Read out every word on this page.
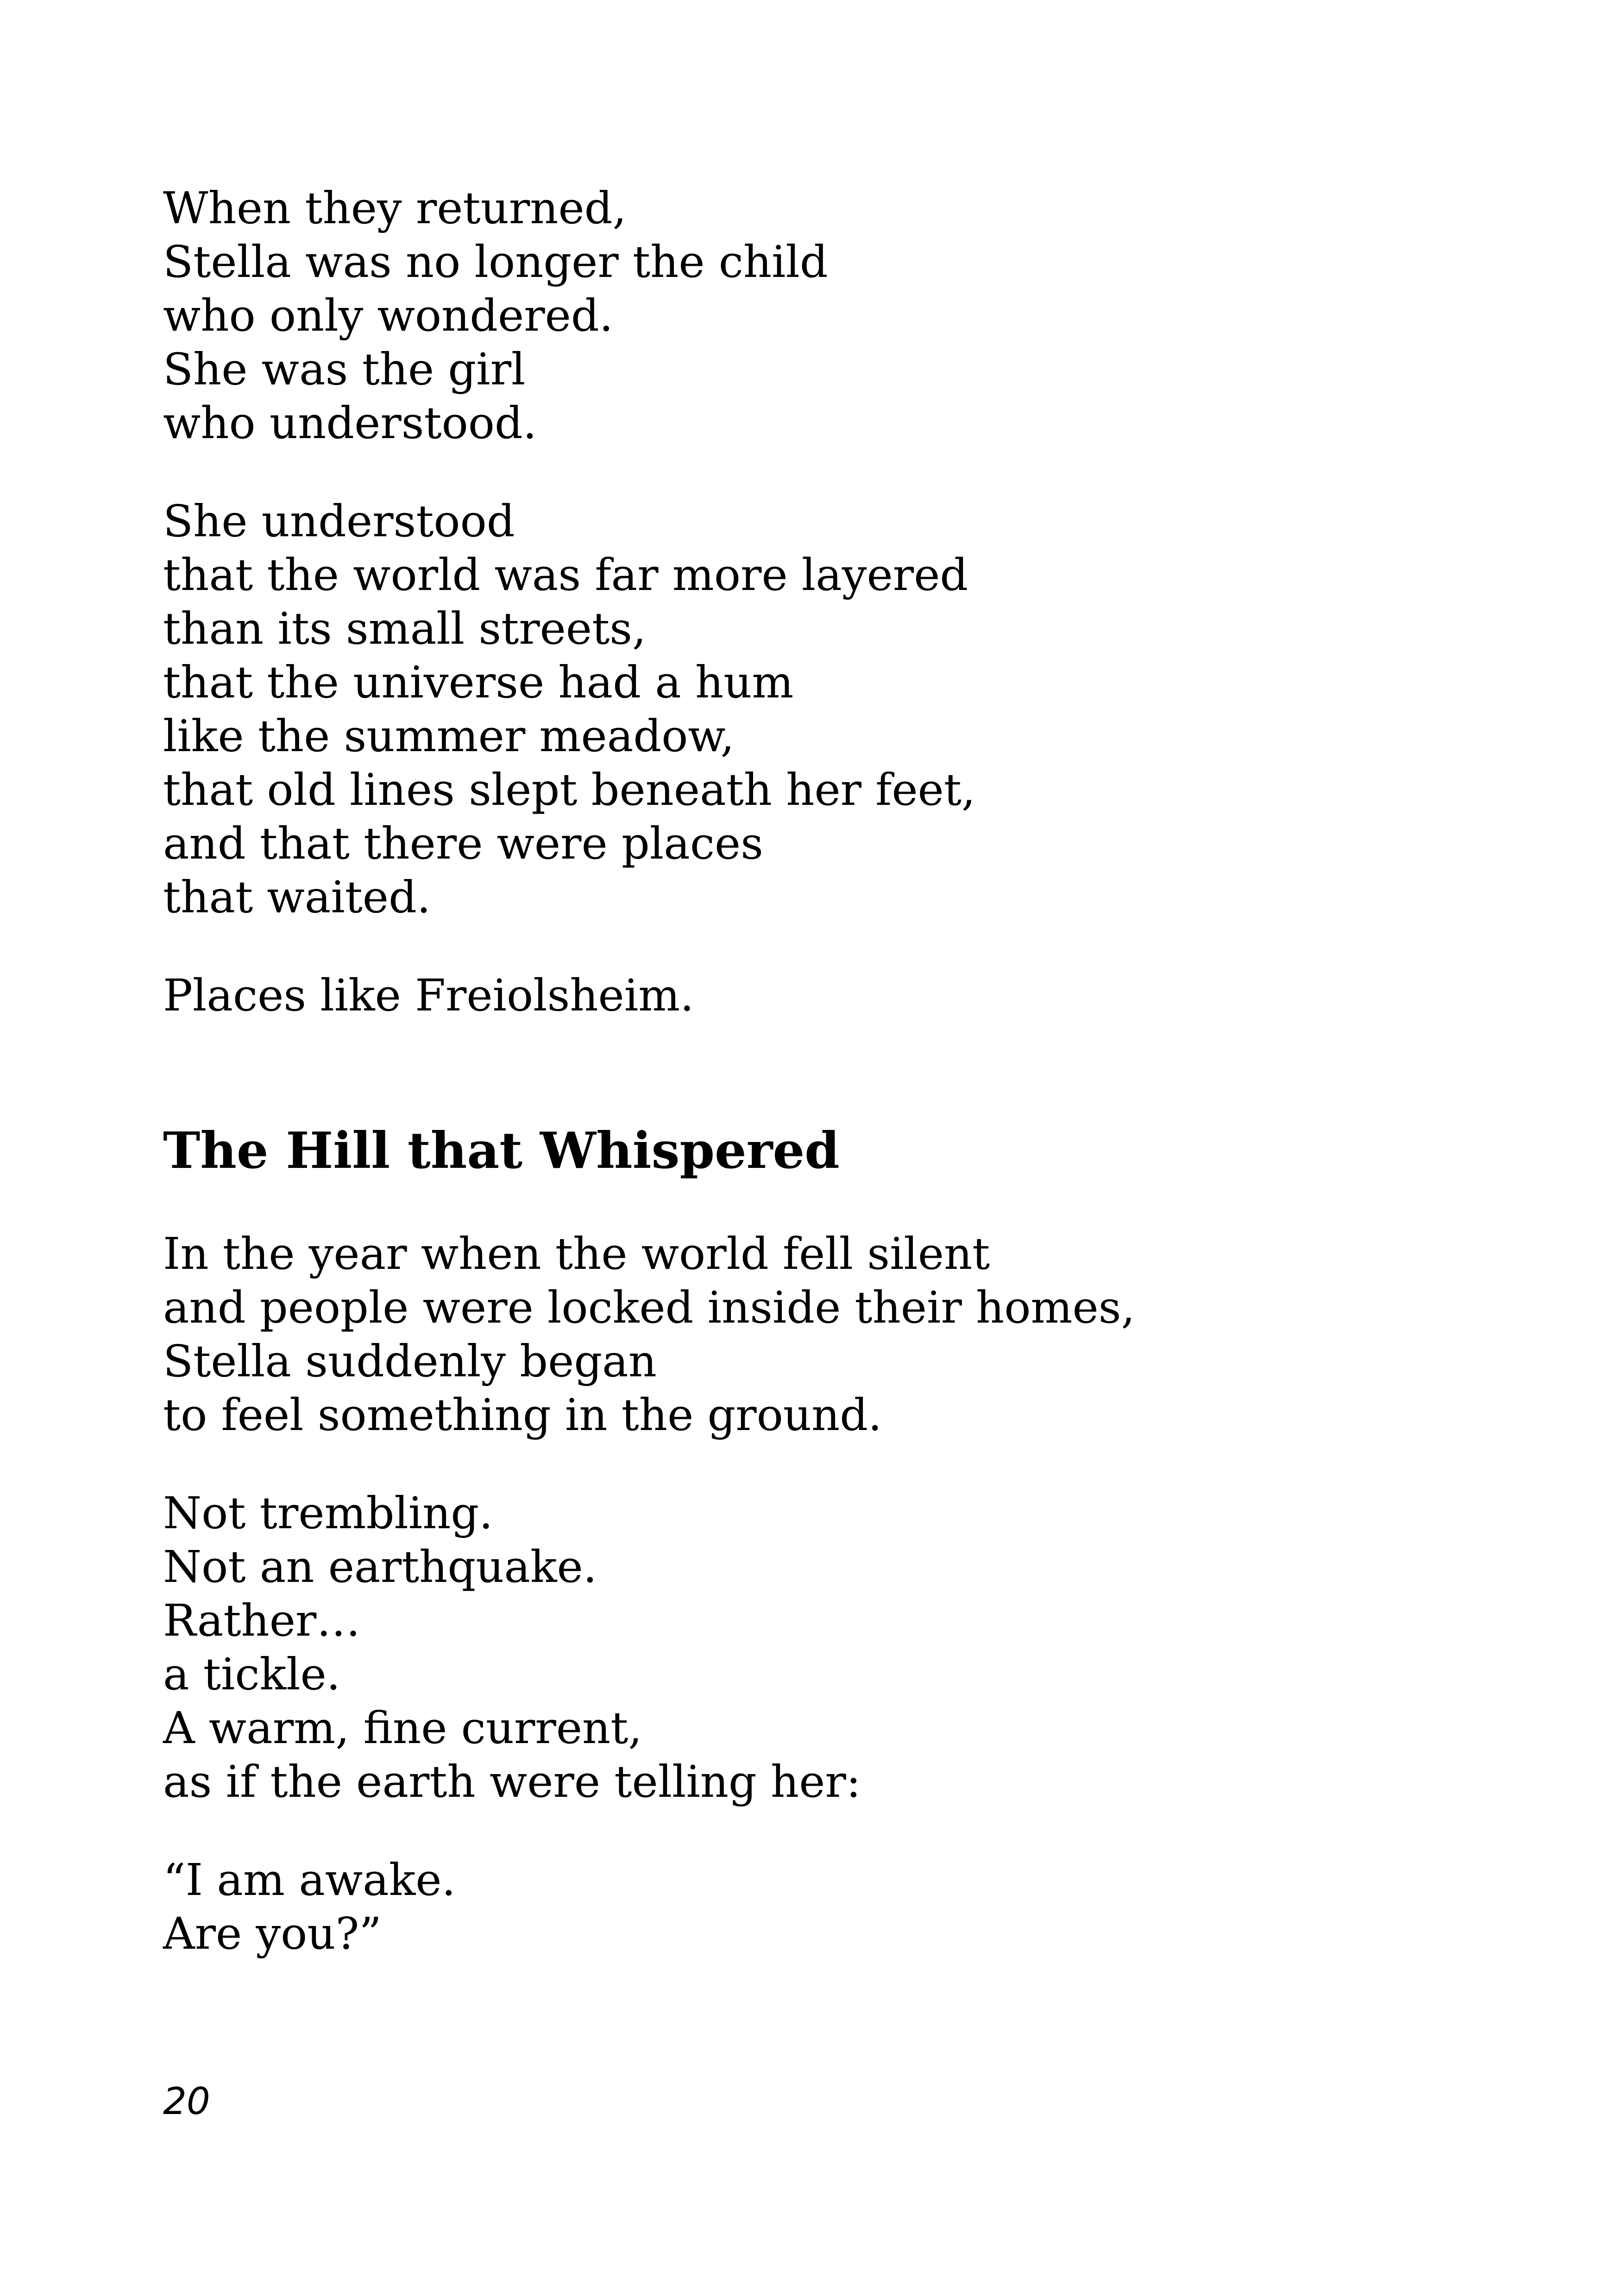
When they returned,
Stella was no longer the child
who only wondered.
She was the girl
who understood.

She understood
that the world was far more layered
than its small streets,
that the universe had a hum
like the summer meadow,
that old lines slept beneath her feet,
and that there were places
that waited.

Places like Freiolsheim.

The Hill that Whispered

In the year when the world fell silent
and people were locked inside their homes,
Stella suddenly began
to feel something in the ground.

Not trembling.
Not an earthquake.
Rather…
a tickle.
A warm, fine current,
as if the earth were telling her:

“I am awake.
Are you?”

20
